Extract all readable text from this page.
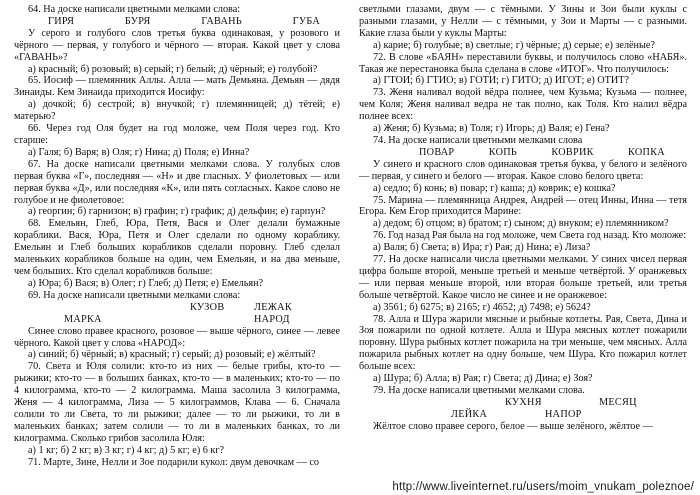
64. На доске написали цветными мелками слова:

ГИРЯ	БУРЯ	ГАВАНЬ	ГУБА

У серого и голубого слов третья буква одинаковая, у розового и чёрного — первая, у голубого и чёрного — вторая. Какой цвет у слова «ГАВАНЬ»?

а) красный; б) розовый; в) серый; г) белый; д) чёрный; е) голубой?

65. Иосиф — племянник Аллы. Алла — мать Демьяна. Демьян — дядя Зинаиды. Кем Зинаида приходится Иосифу:

а) дочкой; б) сестрой; в) внучкой; г) племянницей; д) тётей; е) матерью?

66. Через год Оля будет на год моложе, чем Поля через год. Кто старше:

а) Галя; б) Варя; в) Оля; г) Нина; д) Поля; е) Инна?

67. На доске написали цветными мелками слова. У голубых слов первая буква «Г», последняя — «Н» и две гласных. У фиолетовых — или первая буква «Д», или последняя «К», или пять согласных. Какое слово не голубое и не фиолетовое:

а) георгин; б) гарнизон; в) графин; г) график; д) дельфин; е) гарпун?

68. Емельян, Глеб, Юра, Петя, Вася и Олег делали бумажные кораблики. Вася, Юра, Петя и Олег сделали по одному кораблику. Емельян и Глеб больших корабликов сделали поровну. Глеб сделал маленьких корабликов больше на один, чем Емельян, и на два меньше, чем больших. Кто сделал корабликов больше:

а) Юра; б) Вася; в) Олег; г) Глеб; д) Петя; е) Емельян?

69. На доске написали цветными мелками слова:

КУЗОВ	ЛЕЖАК
МАРКА	НАРОД

Синее слово правее красного, розовое — выше чёрного, синее — левее чёрного. Какой цвет у слова «НАРОД»:

а) синий; б) чёрный; в) красный; г) серый; д) розовый; е) жёлтый?

70. Света и Юля солили: кто-то из них — белые грибы, кто-то — рыжики; кто-то — в больших банках, кто-то — в маленьких; кто-то — по 4 килограмма, кто-то — 2 килограмма. Маша засолила 3 килограмма, Женя — 4 килограмма, Лиза — 5 килограммов, Клава — 6. Сначала солили то ли Света, то ли рыжики; далее — то ли рыжики, то ли в маленьких банках; затем солили — то ли в маленьких банках, то ли килограмма. Сколько грибов засолила Юля:

а) 1 кг; б) 2 кг; в) 3 кг; г) 4 кг; д) 5 кг; е) 6 кг?

71. Марте, Зине, Нелли и Зое подарили кукол: двум девочкам — со

светлыми глазами, двум — с тёмными. У Зины и Зои были куклы с разными глазами, у Нелли — с тёмными, у Зои и Марты — с разными. Какие глаза были у куклы Марты:

а) карие; б) голубые; в) светлые; г) чёрные; д) серые; е) зелёные?

72. В слове «БАЯН» переставили буквы, и получилось слово «НАБЯ». Такая же перестановка была сделана в слове «ИТОГ». Что получилось:

а) ГТОИ; б) ГТИО; в) ГОТИ; г) ГИТО; д) ИГОТ; е) ОТИТ?

73. Женя наливал водой вёдра полнее, чем Кузьма; Кузьма — полнее, чем Коля; Женя наливал ведра не так полно, как Толя. Кто налил вёдра полнее всех:

а) Женя; б) Кузьма; в) Толя; г) Игорь; д) Валя; е) Гена?

74. На доске написали цветными мелками слова

ПОВАР	КОПЬ	КОВРИК	КОПКА

У синего и красного слов одинаковая третья буква, у белого и зелёного — первая, у синего и белого — вторая. Какое слово белого цвета:

а) седло; б) конь; в) повар; г) каша; д) коврик; е) кошка?

75. Марина — племянница Андрея, Андрей — отец Инны, Инна — тетя Егора. Кем Егор приходится Марине:

а) дедом; б) отцом; в) братом; г) сыном; д) внуком; е) племянником?

76. Год назад Рая была на год моложе, чем Света год назад. Кто моложе:

а) Валя; б) Света; в) Ира; г) Рая; д) Нина; е) Лиза?

77. На доске написали числа цветными мелками. У синих чисел первая цифра больше второй, меньше третьей и меньше четвёртой. У оранжевых — или первая меньше второй, или вторая больше третьей, или третья больше четвёртой. Какое число не синее и не оранжевое:

а) 3561; б) 6275; в) 2165; г) 4652; д) 7498; е) 5624?

78. Алла и Шура жарили мясные и рыбные котлеты. Рая, Света, Дина и Зоя пожарили по одной котлете. Алла и Шура мясных котлет пожарили поровну. Шура рыбных котлет пожарила на три меньше, чем мясных. Алла пожарила рыбных котлет на одну больше, чем Шура. Кто пожарил котлет больше всех:

а) Шура; б) Алла; в) Рая; г) Света; д) Дина; е) Зоя?

79. На доске написали цветными мелками слова.

КУХНЯ	МЕСЯЦ
ЛЕЙКА	НАПОР

Жёлтое слово правее серого, белое — выше зелёного, жёлтое —

http://www.liveinternet.ru/users/moim_vnukam_poleznoe/
